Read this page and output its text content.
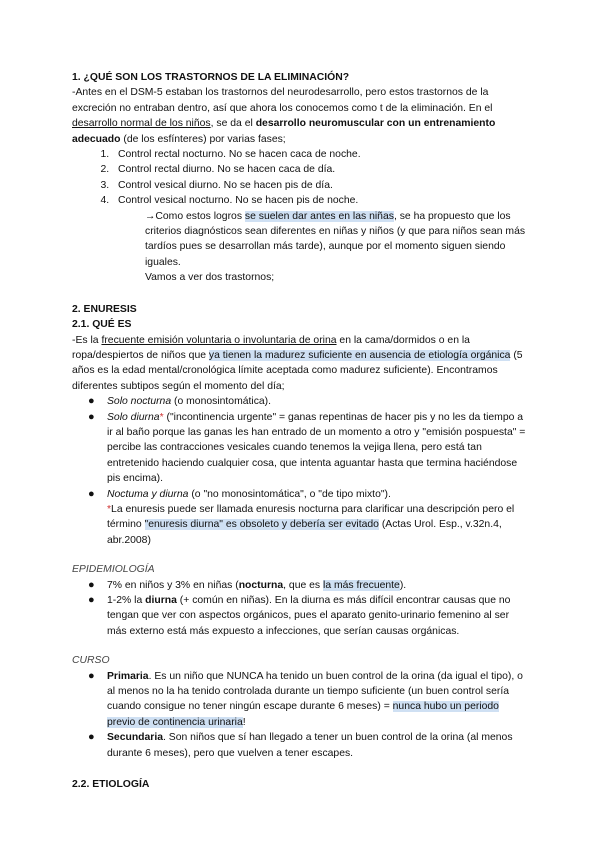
1. ¿QUÉ SON LOS TRASTORNOS DE LA ELIMINACIÓN?

-Antes en el DSM-5 estaban los trastornos del neurodesarrollo, pero estos trastornos de la excreción no entraban dentro, así que ahora los conocemos como t de la eliminación. En el desarrollo normal de los niños, se da el desarrollo neuromuscular con un entrenamiento adecuado (de los esfínteres) por varias fases;

1. Control rectal nocturno. No se hacen caca de noche.
2. Control rectal diurno. No se hacen caca de día.
3. Control vesical diurno. No se hacen pis de día.
4. Control vesical nocturno. No se hacen pis de noche.

→Como estos logros se suelen dar antes en las niñas, se ha propuesto que los criterios diagnósticos sean diferentes en niñas y niños (y que para niños sean más tardíos pues se desarrollan más tarde), aunque por el momento siguen siendo iguales.

Vamos a ver dos trastornos;

2. ENURESIS

2.1. QUÉ ES

-Es la frecuente emisión voluntaria o involuntaria de orina en la cama/dormidos o en la ropa/despiertos de niños que ya tienen la madurez suficiente en ausencia de etiología orgánica (5 años es la edad mental/cronológica límite aceptada como madurez suficiente). Encontramos diferentes subtipos según el momento del día;

● Solo nocturna (o monosintomática).
● Solo diurna* ("incontinencia urgente" = ganas repentinas de hacer pis y no les da tiempo a ir al baño porque las ganas les han entrado de un momento a otro y "emisión pospuesta" = percibe las contracciones vesicales cuando tenemos la vejiga llena, pero está tan entretenido haciendo cualquier cosa, que intenta aguantar hasta que termina haciéndose pis encima).
● Noctuma y diurna (o "no monosintomática", o "de tipo mixto").
*La enuresis puede ser llamada enuresis nocturna para clarificar una descripción pero el término "enuresis diurna" es obsoleto y debería ser evitado (Actas Urol. Esp., v.32n.4, abr.2008)

EPIDEMIOLOGÍA

● 7% en niños y 3% en niñas (nocturna, que es la más frecuente).
● 1-2% la diurna (+ común en niñas). En la diurna es más difícil encontrar causas que no tengan que ver con aspectos orgánicos, pues el aparato genito-urinario femenino al ser más externo está más expuesto a infecciones, que serían causas orgánicas.

CURSO

● Primaria. Es un niño que NUNCA ha tenido un buen control de la orina (da igual el tipo), o al menos no la ha tenido controlada durante un tiempo suficiente (un buen control sería cuando consigue no tener ningún escape durante 6 meses) = nunca hubo un periodo previo de continencia urinaria!
● Secundaria. Son niños que sí han llegado a tener un buen control de la orina (al menos durante 6 meses), pero que vuelven a tener escapes.

2.2. ETIOLOGÍA
